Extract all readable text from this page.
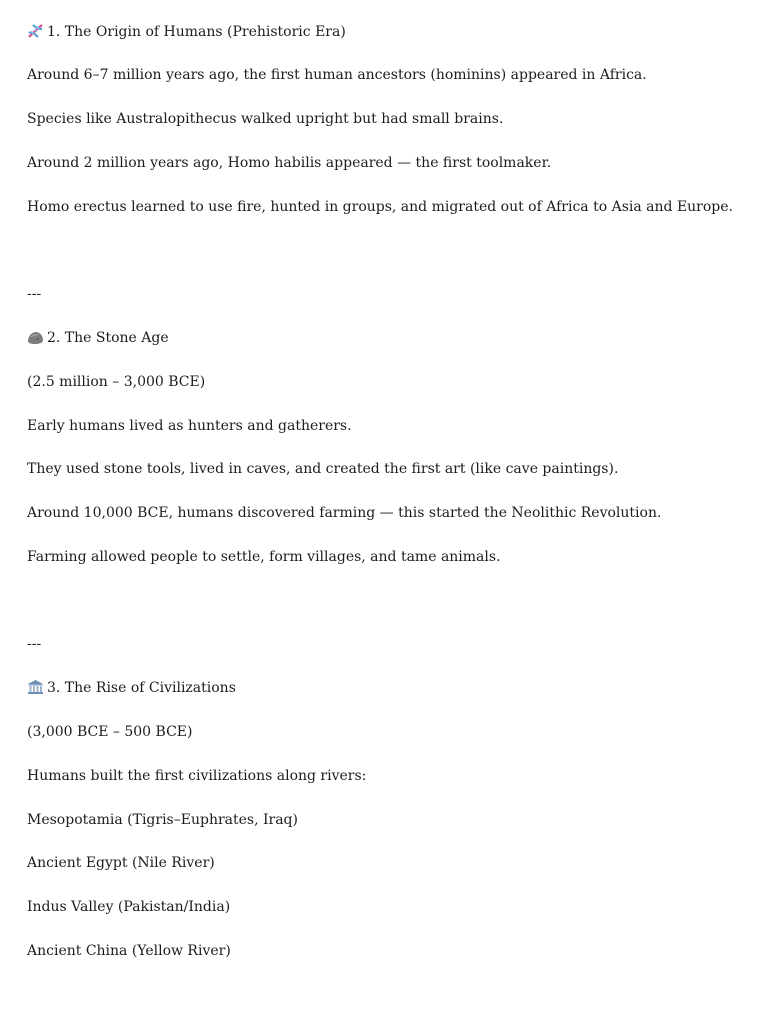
1. The Origin of Humans (Prehistoric Era)
Around 6–7 million years ago, the first human ancestors (hominins) appeared in Africa.
Species like Australopithecus walked upright but had small brains.
Around 2 million years ago, Homo habilis appeared — the first toolmaker.
Homo erectus learned to use fire, hunted in groups, and migrated out of Africa to Asia and Europe.
---
2. The Stone Age
(2.5 million – 3,000 BCE)
Early humans lived as hunters and gatherers.
They used stone tools, lived in caves, and created the first art (like cave paintings).
Around 10,000 BCE, humans discovered farming — this started the Neolithic Revolution.
Farming allowed people to settle, form villages, and tame animals.
---
3. The Rise of Civilizations
(3,000 BCE – 500 BCE)
Humans built the first civilizations along rivers:
Mesopotamia (Tigris–Euphrates, Iraq)
Ancient Egypt (Nile River)
Indus Valley (Pakistan/India)
Ancient China (Yellow River)
